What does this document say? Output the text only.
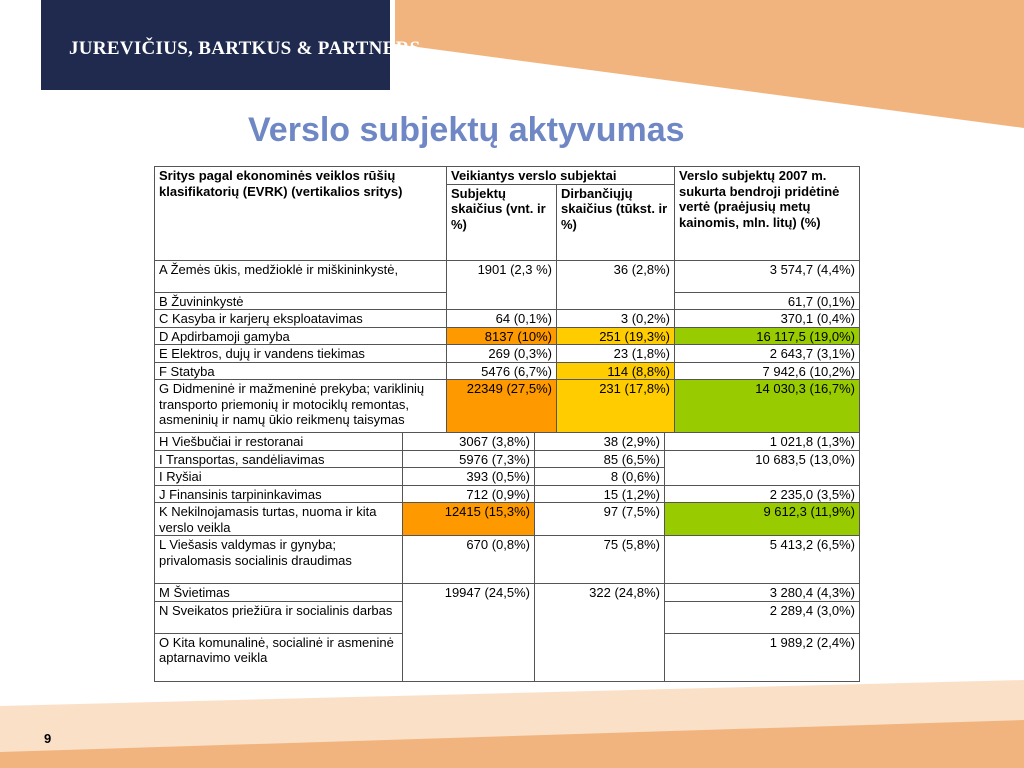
JUREVIČIUS, BARTKUS & PARTNERS
Verslo subjektų aktyvumas
Sritys pagal ekonominės veiklos rūšių klasifikatorių (EVRK) (vertikalios sritys)	Veikiantys verslo subjektai		Verslo subjektų 2007 m. sukurta bendroji pridėtinė vertė (praėjusių metų kainomis, mln. litų) (%)
	Subjektų skaičius (vnt. ir %)	Dirbančiųjų skaičius (tūkst. ir %)	
A Žemės ūkis, medžioklė ir miškininkystė,	1901 (2,3 %)	36 (2,8%)	3 574,7 (4,4%)
B Žuvininkystė			61,7 (0,1%)
C Kasyba ir karjerų eksploatavimas	64 (0,1%)	3 (0,2%)	370,1 (0,4%)
D Apdirbamoji gamyba	8137 (10%)	251 (19,3%)	16 117,5 (19,0%)
E Elektros, dujų ir vandens tiekimas	269 (0,3%)	23 (1,8%)	2 643,7 (3,1%)
F Statyba	5476 (6,7%)	114 (8,8%)	7 942,6 (10,2%)
G Didmeninė ir mažmeninė prekyba; variklinių transporto priemonių ir motociklų remontas, asmeninių ir namų ūkio reikmenų taisymas	22349 (27,5%)	231 (17,8%)	14 030,3 (16,7%)
H Viešbučiai ir restoranai	3067 (3,8%)	38 (2,9%)	1 021,8 (1,3%)
I Transportas, sandėliavimas	5976 (7,3%)	85 (6,5%)	10 683,5 (13,0%)
I Ryšiai	393 (0,5%)	8 (0,6%)	
J Finansinis tarpininkavimas	712 (0,9%)	15 (1,2%)	2 235,0 (3,5%)
K Nekilnojamasis turtas, nuoma ir kita verslo veikla	12415 (15,3%)	97 (7,5%)	9 612,3 (11,9%)
L Viešasis valdymas ir gynyba; privalomasis socialinis draudimas	670 (0,8%)	75 (5,8%)	5 413,2 (6,5%)
M Švietimas	19947 (24,5%)	322 (24,8%)	3 280,4 (4,3%)
N Sveikatos priežiūra ir socialinis darbas			2 289,4 (3,0%)
O Kita komunalinė, socialinė ir asmeninė aptarnavimo veikla			1 989,2 (2,4%)
9
